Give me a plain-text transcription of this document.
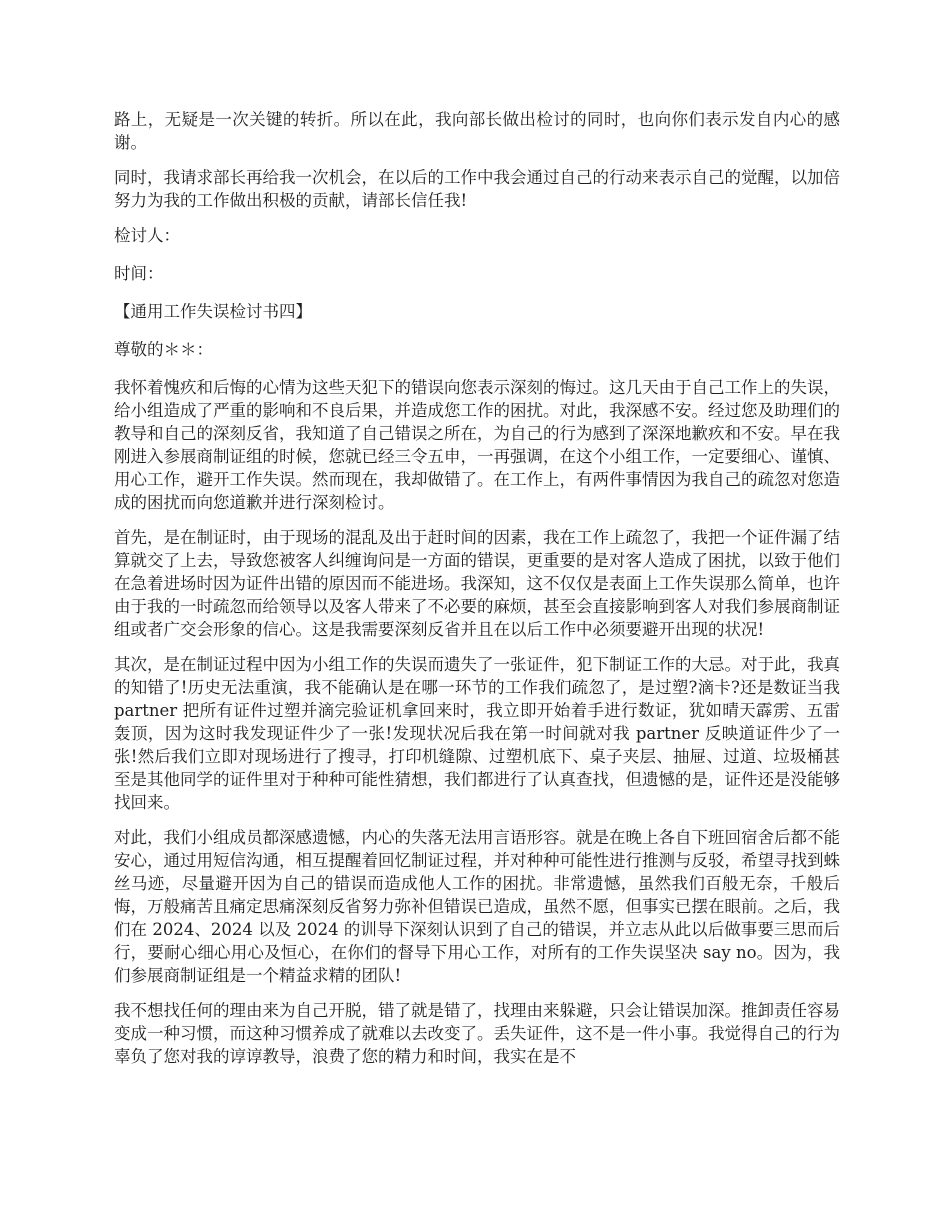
路上，无疑是一次关键的转折。所以在此，我向部长做出检讨的同时，也向你们表示发自内心的感谢。

同时，我请求部长再给我一次机会，在以后的工作中我会通过自己的行动来表示自己的觉醒，以加倍努力为我的工作做出积极的贡献，请部长信任我!

检讨人：

时间：

【通用工作失误检讨书四】

尊敬的＊＊：

我怀着愧疚和后悔的心情为这些天犯下的错误向您表示深刻的悔过。这几天由于自己工作上的失误，给小组造成了严重的影响和不良后果，并造成您工作的困扰。对此，我深感不安。经过您及助理们的教导和自己的深刻反省，我知道了自己错误之所在，为自己的行为感到了深深地歉疚和不安。早在我刚进入参展商制证组的时候，您就已经三令五申，一再强调，在这个小组工作，一定要细心、谨慎、用心工作，避开工作失误。然而现在，我却做错了。在工作上，有两件事情因为我自己的疏忽对您造成的困扰而向您道歉并进行深刻检讨。

首先，是在制证时，由于现场的混乱及出于赶时间的因素，我在工作上疏忽了，我把一个证件漏了结算就交了上去，导致您被客人纠缠询问是一方面的错误，更重要的是对客人造成了困扰，以致于他们在急着进场时因为证件出错的原因而不能进场。我深知，这不仅仅是表面上工作失误那么简单，也许由于我的一时疏忽而给领导以及客人带来了不必要的麻烦，甚至会直接影响到客人对我们参展商制证组或者广交会形象的信心。这是我需要深刻反省并且在以后工作中必须要避开出现的状况!

其次，是在制证过程中因为小组工作的失误而遗失了一张证件，犯下制证工作的大忌。对于此，我真的知错了!历史无法重演，我不能确认是在哪一环节的工作我们疏忽了，是过塑?滴卡?还是数证当我 partner 把所有证件过塑并滴完验证机拿回来时，我立即开始着手进行数证，犹如晴天霹雳、五雷轰顶，因为这时我发现证件少了一张!发现状况后我在第一时间就对我 partner 反映道证件少了一张!然后我们立即对现场进行了搜寻，打印机缝隙、过塑机底下、桌子夹层、抽屉、过道、垃圾桶甚至是其他同学的证件里对于种种可能性猜想，我们都进行了认真查找，但遗憾的是，证件还是没能够找回来。

对此，我们小组成员都深感遗憾，内心的失落无法用言语形容。就是在晚上各自下班回宿舍后都不能安心，通过用短信沟通，相互提醒着回忆制证过程，并对种种可能性进行推测与反驳，希望寻找到蛛丝马迹，尽量避开因为自己的错误而造成他人工作的困扰。非常遗憾，虽然我们百般无奈，千般后悔，万般痛苦且痛定思痛深刻反省努力弥补但错误已造成，虽然不愿，但事实已摆在眼前。之后，我们在 2024、2024 以及 2024 的训导下深刻认识到了自己的错误，并立志从此以后做事要三思而后行，要耐心细心用心及恒心，在你们的督导下用心工作，对所有的工作失误坚决 say no。因为，我们参展商制证组是一个精益求精的团队!

我不想找任何的理由来为自己开脱，错了就是错了，找理由来躲避，只会让错误加深。推卸责任容易变成一种习惯，而这种习惯养成了就难以去改变了。丢失证件，这不是一件小事。我觉得自己的行为辜负了您对我的谆谆教导，浪费了您的精力和时间，我实在是不
